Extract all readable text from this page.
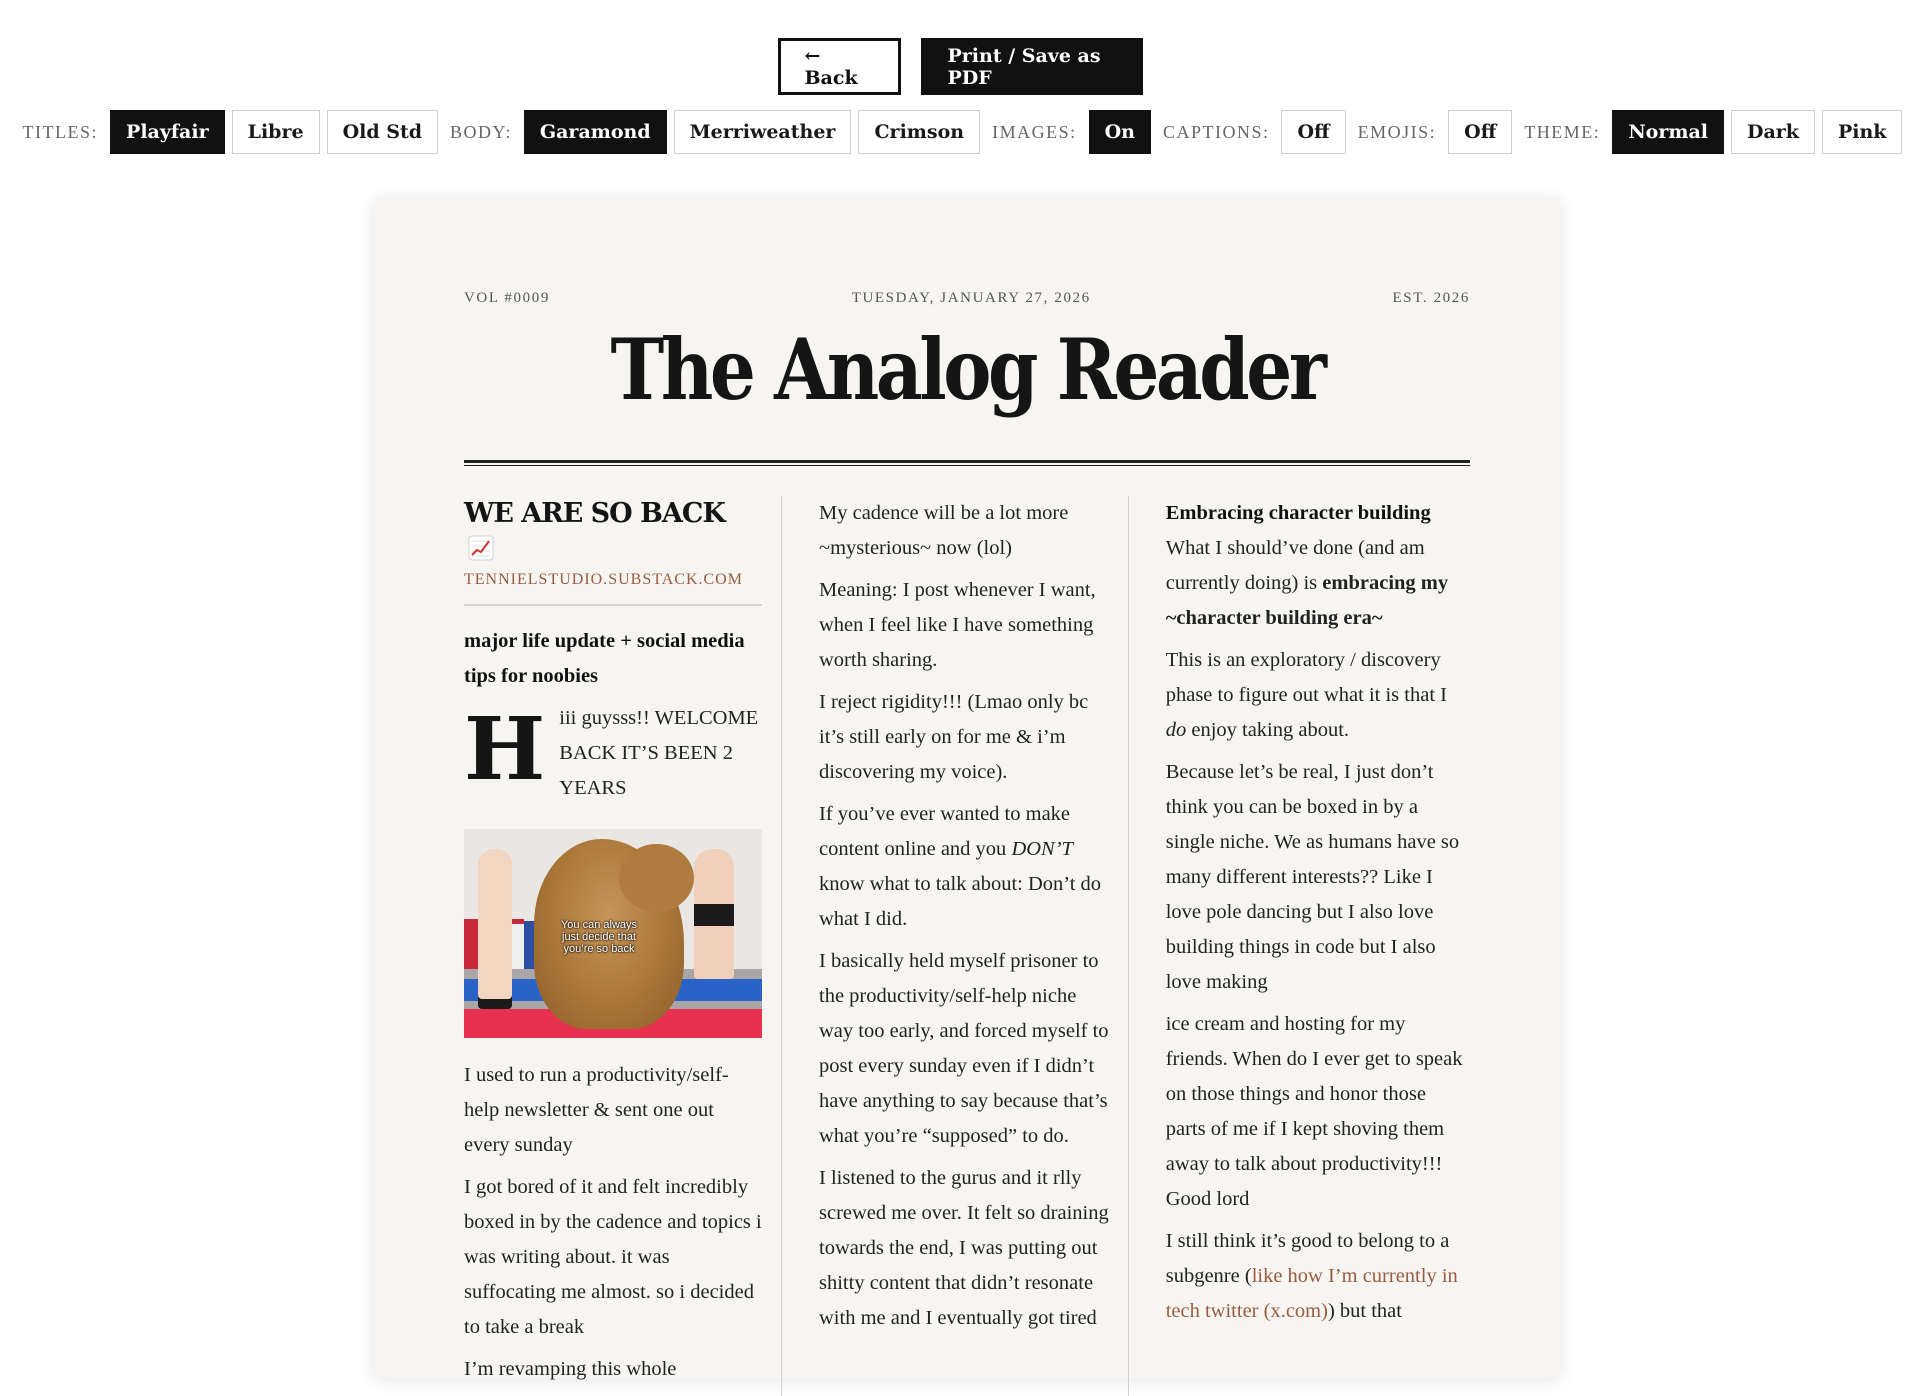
← Back
Print / Save as PDF
TITLES:	Playfair	Libre	Old Std	BODY:	Garamond	Merriweather	Crimson	IMAGES:	On	CAPTIONS:	Off	EMOJIS:	Off	THEME:	Normal	Dark	Pink
VOL #0009	TUESDAY, JANUARY 27, 2026	EST. 2026
The Analog Reader
WE ARE SO BACK
TENNIELSTUDIO.SUBSTACK.COM

major life update + social media tips for noobies

H iii guysss!! WELCOME BACK IT’S BEEN 2 YEARS

You can always just decide that you’re so back

I used to run a productivity/self-help newsletter & sent one out every sunday

I got bored of it and felt incredibly boxed in by the cadence and topics i was writing about. it was suffocating me almost. so i decided to take a break

I’m revamping this whole

My cadence will be a lot more ~mysterious~ now (lol)

Meaning: I post whenever I want, when I feel like I have something worth sharing.

I reject rigidity!!! (Lmao only bc it’s still early on for me & i’m discovering my voice).

If you’ve ever wanted to make content online and you DON’T know what to talk about: Don’t do what I did.

I basically held myself prisoner to the productivity/self-help niche way too early, and forced myself to post every sunday even if I didn’t have anything to say because that’s what you’re “supposed” to do.

I listened to the gurus and it rlly screwed me over. It felt so draining towards the end, I was putting out shitty content that didn’t resonate with me and I eventually got tired

Embracing character building

What I should’ve done (and am currently doing) is embracing my ~character building era~

This is an exploratory / discovery phase to figure out what it is that I do enjoy taking about.

Because let’s be real, I just don’t think you can be boxed in by a single niche. We as humans have so many different interests?? Like I love pole dancing but I also love building things in code but I also love making

ice cream and hosting for my friends. When do I ever get to speak on those things and honor those parts of me if I kept shoving them away to talk about productivity!!! Good lord

I still think it’s good to belong to a subgenre (like how I’m currently in tech twitter (x.com)) but that
